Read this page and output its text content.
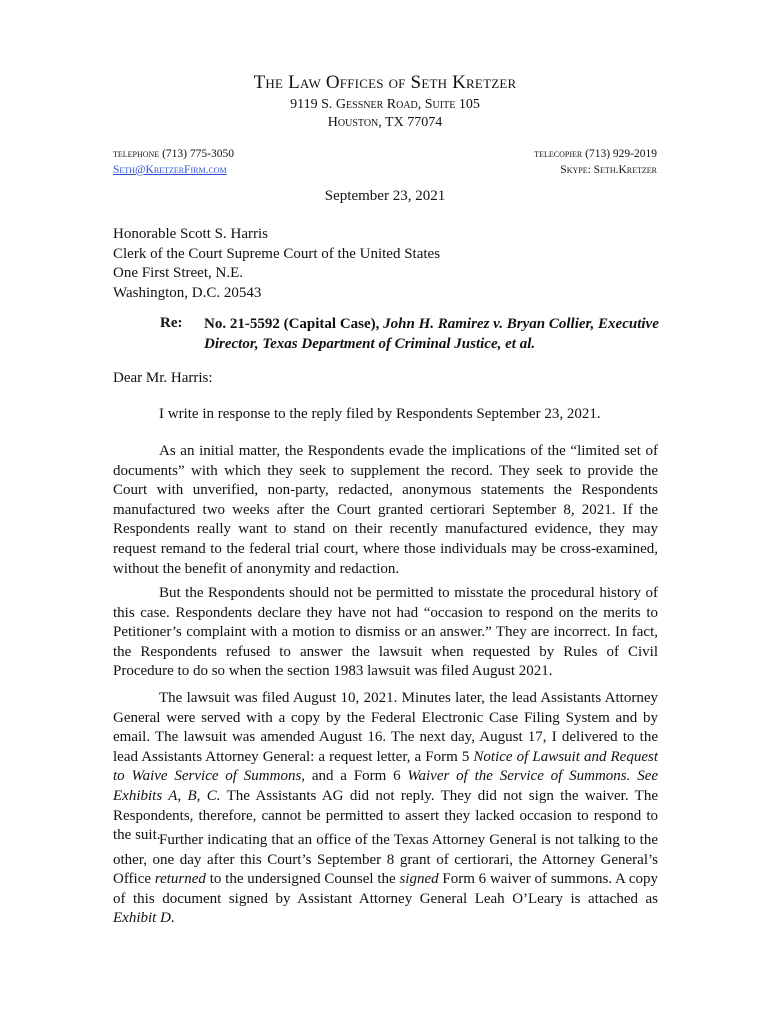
The Law Offices of Seth Kretzer
9119 S. Gessner Road, Suite 105
Houston, TX 77074
telephone (713) 775-3050
Seth@KretzerFirm.com
telecopier (713) 929-2019
Skype: Seth.Kretzer
September 23, 2021
Honorable Scott S. Harris
Clerk of the Court Supreme Court of the United States
One First Street, N.E.
Washington, D.C. 20543
Re: No. 21-5592 (Capital Case), John H. Ramirez v. Bryan Collier, Executive Director, Texas Department of Criminal Justice, et al.
Dear Mr. Harris:

I write in response to the reply filed by Respondents September 23, 2021.

As an initial matter, the Respondents evade the implications of the “limited set of documents” with which they seek to supplement the record. They seek to provide the Court with unverified, non-party, redacted, anonymous statements the Respondents manufactured two weeks after the Court granted certiorari September 8, 2021. If the Respondents really want to stand on their recently manufactured evidence, they may request remand to the federal trial court, where those individuals may be cross-examined, without the benefit of anonymity and redaction.

But the Respondents should not be permitted to misstate the procedural history of this case. Respondents declare they have not had “occasion to respond on the merits to Petitioner’s complaint with a motion to dismiss or an answer.” They are incorrect. In fact, the Respondents refused to answer the lawsuit when requested by Rules of Civil Procedure to do so when the section 1983 lawsuit was filed August 2021.

The lawsuit was filed August 10, 2021. Minutes later, the lead Assistants Attorney General were served with a copy by the Federal Electronic Case Filing System and by email. The lawsuit was amended August 16. The next day, August 17, I delivered to the lead Assistants Attorney General: a request letter, a Form 5 Notice of Lawsuit and Request to Waive Service of Summons, and a Form 6 Waiver of the Service of Summons. See Exhibits A, B, C. The Assistants AG did not reply. They did not sign the waiver. The Respondents, therefore, cannot be permitted to assert they lacked occasion to respond to the suit.

Further indicating that an office of the Texas Attorney General is not talking to the other, one day after this Court’s September 8 grant of certiorari, the Attorney General’s Office returned to the undersigned Counsel the signed Form 6 waiver of summons. A copy of this document signed by Assistant Attorney General Leah O’Leary is attached as Exhibit D.
